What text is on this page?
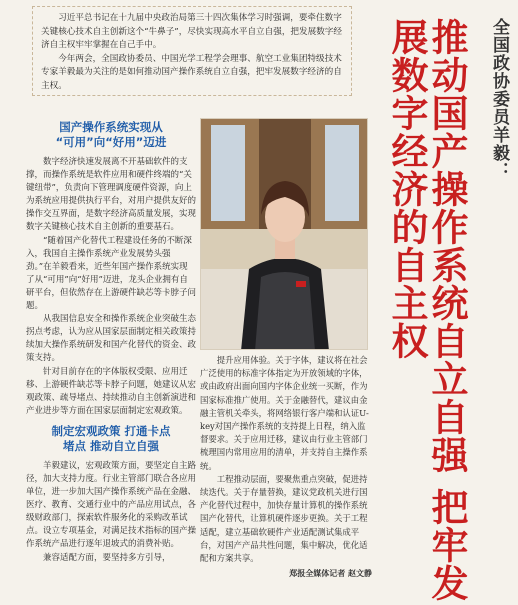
习近平总书记在十九届中央政治局第三十四次集体学习时强调，要牵住数字关键核心技术自主创新这个“牛鼻子”，尽快实现高水平自立自强，把发展数字经济自主权牢牢掌握在自己手中。

今年两会，全国政协委员、中国光学工程学会理事、航空工业集团特级技术专家羊毅最为关注的是如何推动国产操作系统自立自强，把牢发展数字经济的自主权。	全国政协委员羊毅：
推动国产操作系统自立自强 把牢发展数字经济的自主权
国产操作系统实现从
“可用”向“好用”迈进

数字经济快速发展离不开基础软件的支撑，而操作系统是软件应用和硬件终端的“关键纽带”，负责向下管理调度硬件资源，向上为系统应用提供执行平台，对用户提供友好的操作交互界面，是数字经济高质量发展，实现数字关键核心技术自主创新的重要基石。

“随着国产化替代工程建设任务的不断深入，我国自主操作系统产业发展势头强劲。”在羊毅看来，近些年国产操作系统实现了从“可用”向“好用”迈进，龙头企业拥有自研平台，但依然存在上游硬件缺芯等卡脖子问题。

从我国信息安全和操作系统企业突破生态拐点考虑，认为应从国家层面制定相关政策持续加大操作系统研发和国产化替代的资金、政策支持。

针对目前存在的字体版权受限、应用迁移、上游硬件缺芯等卡脖子问题，她建议从宏观政策、疏导堵点、持续推动自主创新演进和产业进步等方面在国家层面制定宏观政策。

制定宏观政策 打通卡点
堵点 推动自立自强

羊毅建议，宏观政策方面，要坚定自主路径，加大支持力度。行业主管部门联合各应用单位，进一步加大国产操作系统产品在金融、医疗、教育、交通行业中的产品应用试点，各级财政部门，探索软件服务化的采购改革试点。设立专项基金，对满足技术指标的国产操作系统产品进行逐年退坡式的消费补贴。

兼容适配方面，要坚持多方引导，

提升应用体验。关于字体，建议将在社会广泛使用的标准字体指定为开放领域的字体，或由政府出面向国内字体企业统一买断，作为国家标准推广使用。关于金融替代，建议由金融主管机关牵头，将网络银行客户端和认证U-key对国产操作系统的支持提上日程，纳入监督要求。关于应用迁移，建议由行业主管部门梳理国内常用应用的清单，并支持自主操作系统。

工程推动层面，要聚焦重点突破，促进持续迭代。关于存量替换，建议党政机关进行国产化替代过程中，加快存量计算机的操作系统国产化替代，让算机硬件逐步更换。关于工程适配，建立基础软硬件产业适配测试集成平台，对国产产品共性问题，集中解决，优化适配和方案共享。

郑报全媒体记者 赵文静
